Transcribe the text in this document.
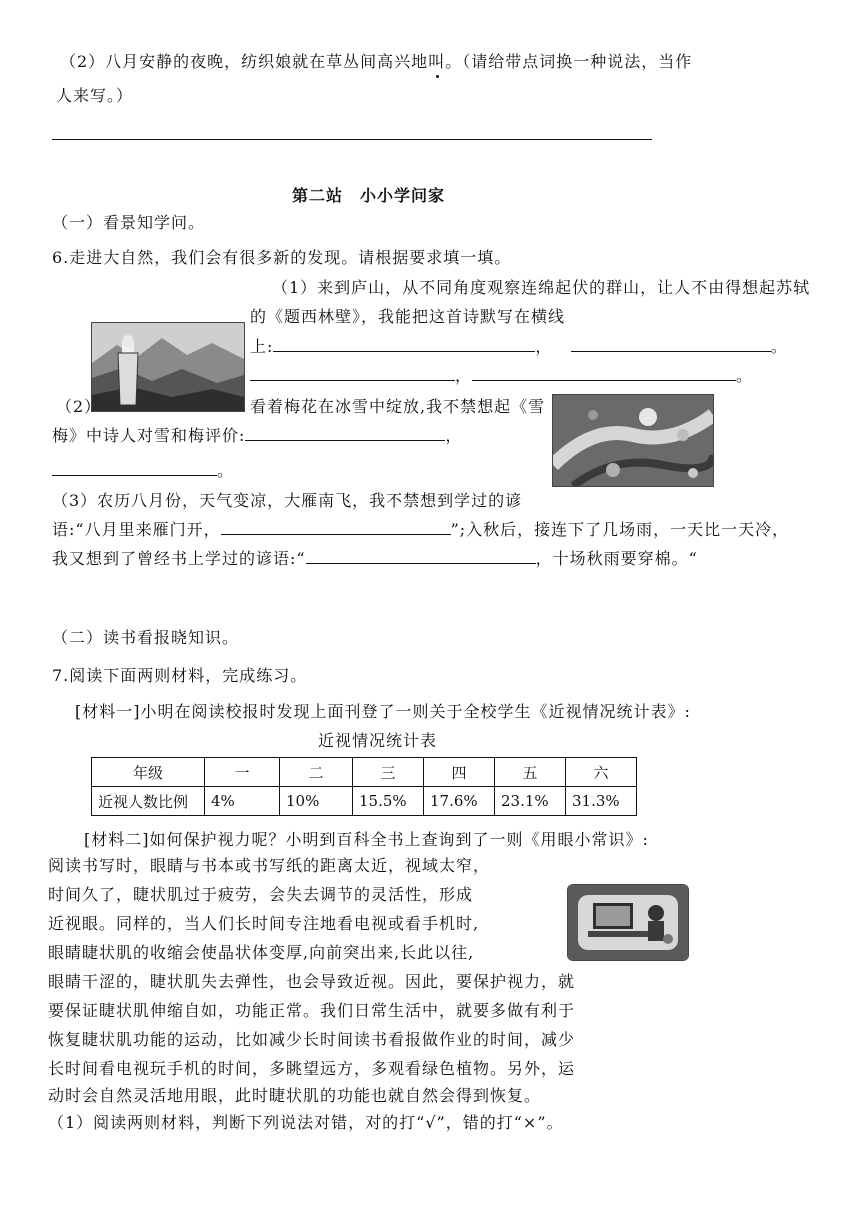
（2）八月安静的夜晚，纺织娘就在草丛间高兴地叫。（请给带点词换一种说法，当作
人来写。）
第二站　小小学问家
（一）看景知学问。
6.走进大自然，我们会有很多新的发现。请根据要求填一填。
（1）来到庐山，从不同角度观察连绵起伏的群山，让人不由得想起苏轼
的《题西林壁》，我能把这首诗默写在横线
上:	，	。
，	。
（2）	看着梅花在冰雪中绽放,我不禁想起《雪
梅》中诗人对雪和梅评价:	，
。
（3）农历八月份，天气变凉，大雁南飞，我不禁想到学过的谚
语:“八月里来雁门开，	”;入秋后，接连下了几场雨，一天比一天冷，
我又想到了曾经书上学过的谚语:“	，十场秋雨要穿棉。“
（二）读书看报晓知识。
7.阅读下面两则材料，完成练习。
[材料一]小明在阅读校报时发现上面刊登了一则关于全校学生《近视情况统计表》:
近视情况统计表
年级	一	二	三	四	五	六
近视人数比例	4%	10%	15.5%	17.6%	23.1%	31.3%
[材料二]如何保护视力呢？小明到百科全书上查询到了一则《用眼小常识》:
阅读书写时，眼睛与书本或书写纸的距离太近，视域太窄，
时间久了，睫状肌过于疲劳，会失去调节的灵活性，形成
近视眼。同样的，当人们长时间专注地看电视或看手机时,
眼睛睫状肌的收缩会使晶状体变厚,向前突出来,长此以往,
眼睛干涩的，睫状肌失去弹性，也会导致近视。因此，要保护视力，就
要保证睫状肌伸缩自如，功能正常。我们日常生活中，就要多做有利于
恢复睫状肌功能的运动，比如减少长时间读书看报做作业的时间，减少
长时间看电视玩手机的时间，多眺望远方，多观看绿色植物。另外，运
动时会自然灵活地用眼，此时睫状肌的功能也就自然会得到恢复。
（1）阅读两则材料，判断下列说法对错，对的打“√”，错的打“×”。
